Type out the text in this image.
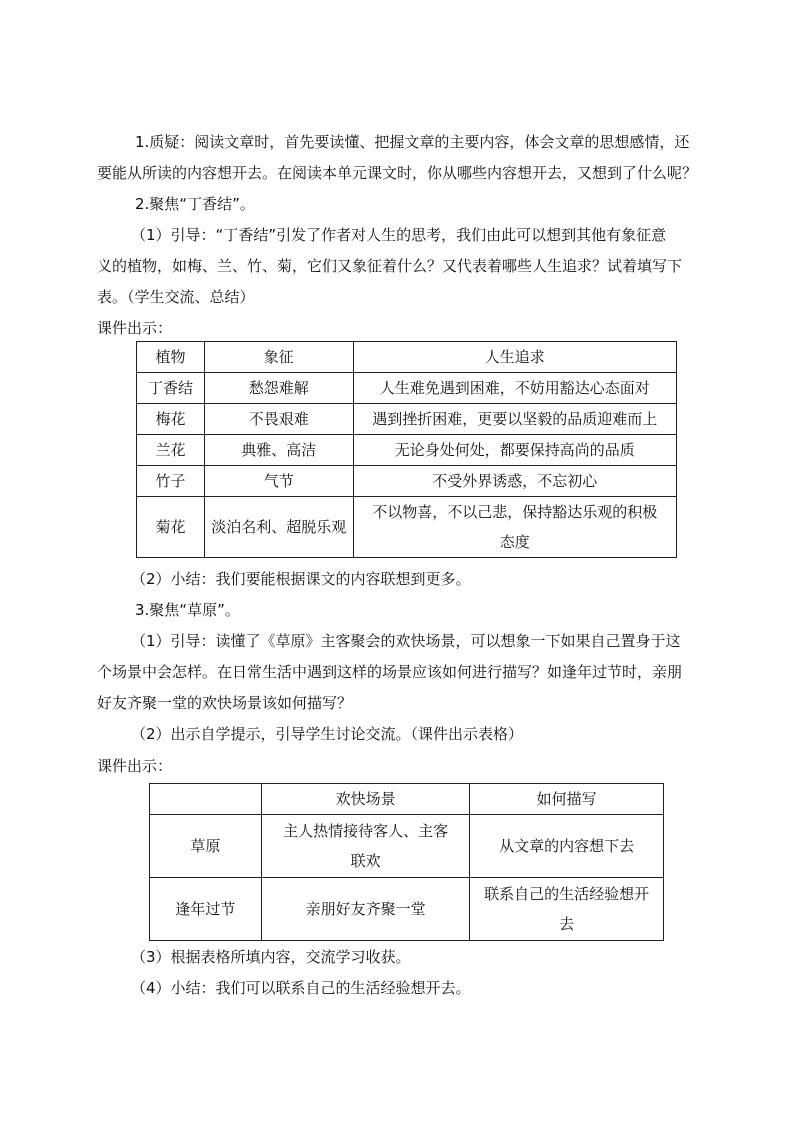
1.质疑：阅读文章时，首先要读懂、把握文章的主要内容，体会文章的思想感情，还
要能从所读的内容想开去。在阅读本单元课文时，你从哪些内容想开去，又想到了什么呢？
2.聚焦“丁香结”。
（1）引导：“丁香结”引发了作者对人生的思考，我们由此可以想到其他有象征意
义的植物，如梅、兰、竹、菊，它们又象征着什么？又代表着哪些人生追求？试着填写下
表。（学生交流、总结）
课件出示：
植物	象征	人生追求
丁香结	愁怨难解	人生难免遇到困难，不妨用豁达心态面对
梅花	不畏艰难	遇到挫折困难，更要以坚毅的品质迎难而上
兰花	典雅、高洁	无论身处何处，都要保持高尚的品质
竹子	气节	不受外界诱惑，不忘初心
菊花	淡泊名利、超脱乐观	不以物喜，不以己悲，保持豁达乐观的积极态度
（2）小结：我们要能根据课文的内容联想到更多。
3.聚焦“草原”。
（1）引导：读懂了《草原》主客聚会的欢快场景，可以想象一下如果自己置身于这
个场景中会怎样。在日常生活中遇到这样的场景应该如何进行描写？如逢年过节时，亲朋
好友齐聚一堂的欢快场景该如何描写？
（2）出示自学提示，引导学生讨论交流。（课件出示表格）
课件出示：
	欢快场景	如何描写
草原	主人热情接待客人、主客联欢	从文章的内容想下去
逢年过节	亲朋好友齐聚一堂	联系自己的生活经验想开去
（3）根据表格所填内容，交流学习收获。
（4）小结：我们可以联系自己的生活经验想开去。
